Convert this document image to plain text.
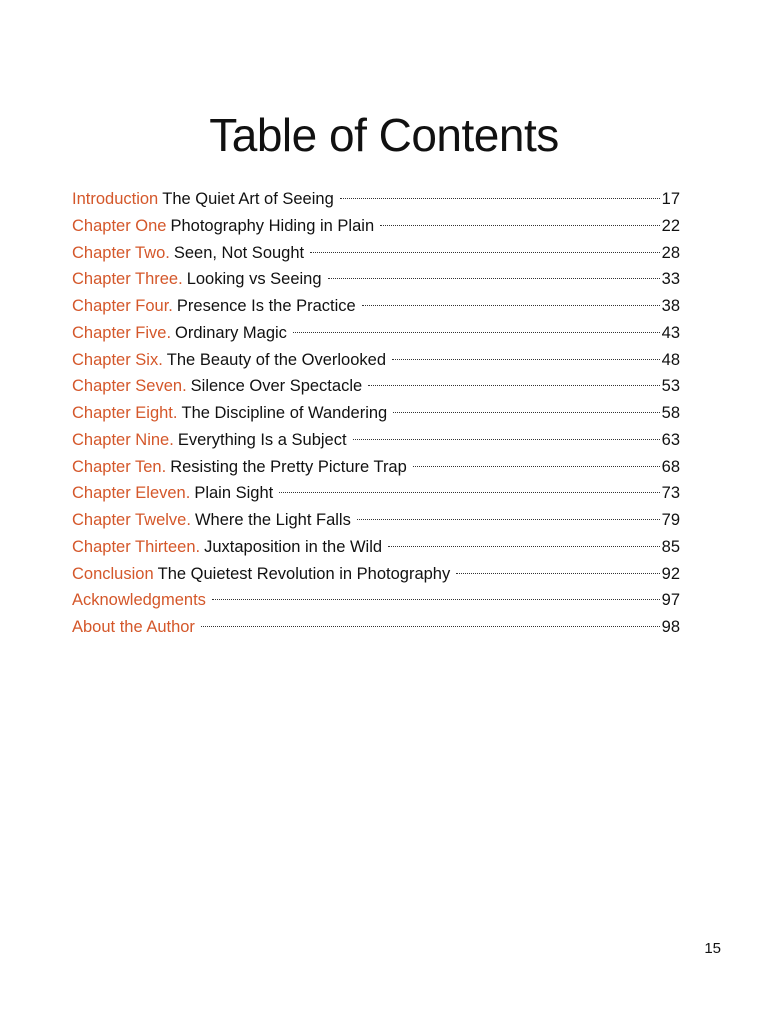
Table of Contents
Introduction The Quiet Art of Seeing	17
Chapter One Photography Hiding in Plain	22
Chapter Two. Seen, Not Sought	28
Chapter Three. Looking vs Seeing	33
Chapter Four. Presence Is the Practice	38
Chapter Five. Ordinary Magic	43
Chapter Six. The Beauty of the Overlooked	48
Chapter Seven. Silence Over Spectacle	53
Chapter Eight. The Discipline of Wandering	58
Chapter Nine. Everything Is a Subject	63
Chapter Ten. Resisting the Pretty Picture Trap	68
Chapter Eleven. Plain Sight	73
Chapter Twelve. Where the Light Falls	79
Chapter Thirteen. Juxtaposition in the Wild	85
Conclusion The Quietest Revolution in Photography	92
Acknowledgments	97
About the Author	98
15
